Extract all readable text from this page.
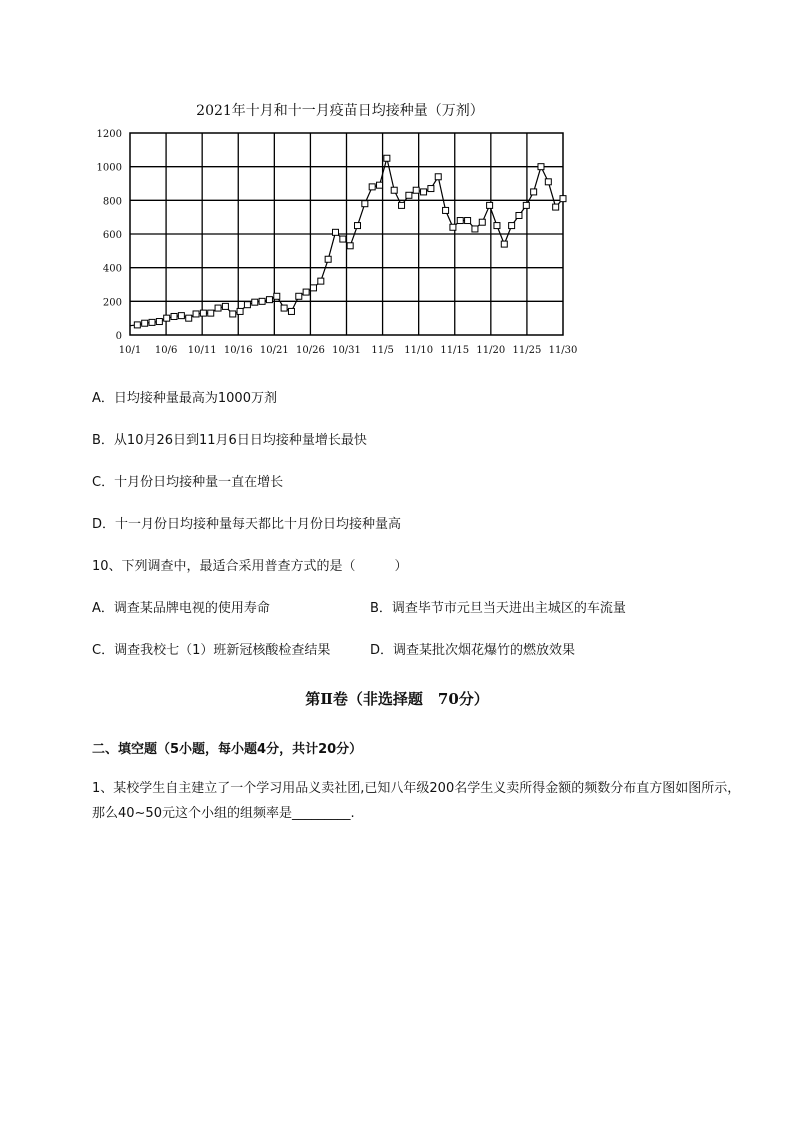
2021年十月和十一月疫苗日均接种量（万剂）
0
200
400
600
800
1000
1200
10/1 10/6 10/11 10/16 10/21 10/26 10/31 11/5 11/10 11/15 11/20 11/25 11/30
A．日均接种量最高为1000万剂
B．从10月26日到11月6日日均接种量增长最快
C．十月份日均接种量一直在增长
D．十一月份日均接种量每天都比十月份日均接种量高
10、下列调查中，最适合采用普查方式的是（　　　）
A．调查某品牌电视的使用寿命	B．调查毕节市元旦当天进出主城区的车流量
C．调查我校七（1）班新冠核酸检查结果	D．调查某批次烟花爆竹的燃放效果
第Ⅱ卷（非选择题　70分）
二、填空题（5小题，每小题4分，共计20分）
1、某校学生自主建立了一个学习用品义卖社团,已知八年级200名学生义卖所得金额的频数分布直方图如图所示，那么40~50元这个小组的组频率是_________.
